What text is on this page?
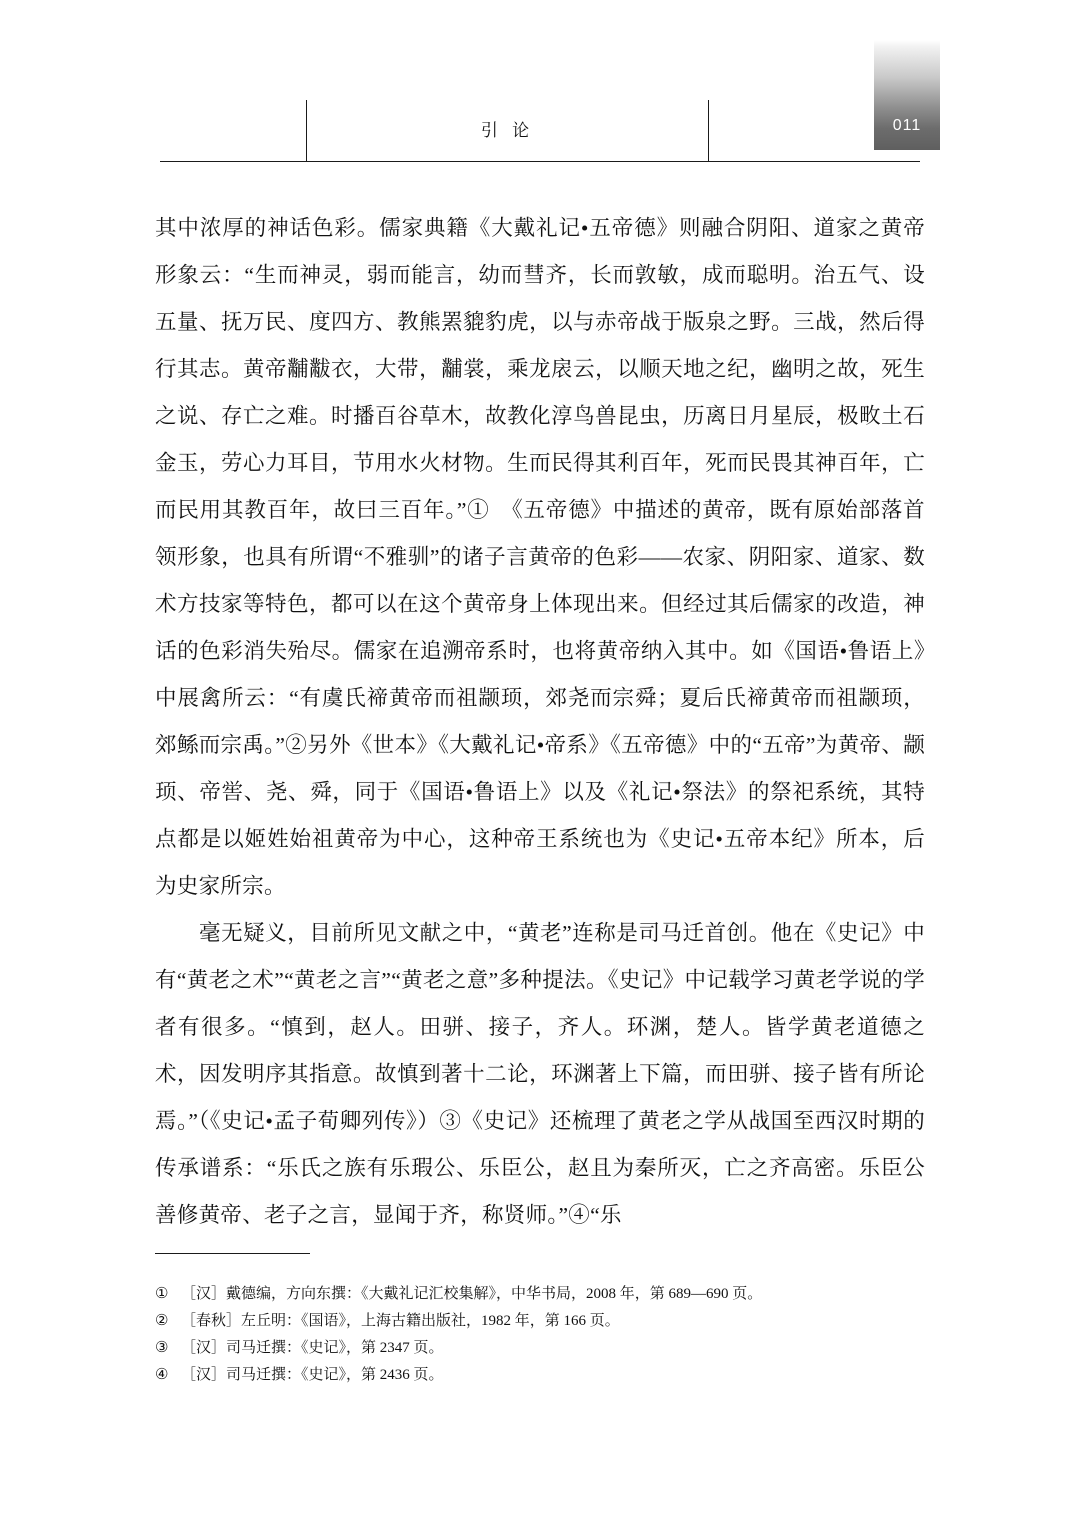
引 论	011

其中浓厚的神话色彩。儒家典籍《大戴礼记•五帝德》则融合阴阳、道家之黄帝形象云：“生而神灵，弱而能言，幼而彗齐，长而敦敏，成而聪明。治五气、设五量、抚万民、度四方、教熊罴貔豹虎，以与赤帝战于版泉之野。三战，然后得行其志。黄帝黼黻衣，大带，黼裳，乘龙扆云，以顺天地之纪，幽明之故，死生之说、存亡之难。时播百谷草木，故教化淳鸟兽昆虫，历离日月星辰，极畋土石金玉，劳心力耳目，节用水火材物。生而民得其利百年，死而民畏其神百年，亡而民用其教百年，故曰三百年。”①　《五帝德》中描述的黄帝，既有原始部落首领形象，也具有所谓“不雅驯”的诸子言黄帝的色彩——农家、阴阳家、道家、数术方技家等特色，都可以在这个黄帝身上体现出来。但经过其后儒家的改造，神话的色彩消失殆尽。儒家在追溯帝系时，也将黄帝纳入其中。如《国语•鲁语上》中展禽所云：“有虞氏禘黄帝而祖颛顼，郊尧而宗舜；夏后氏禘黄帝而祖颛顼，郊鲧而宗禹。”②另外《世本》《大戴礼记•帝系》《五帝德》中的“五帝”为黄帝、颛顼、帝喾、尧、舜，同于《国语•鲁语上》以及《礼记•祭法》的祭祀系统，其特点都是以姬姓始祖黄帝为中心，这种帝王系统也为《史记•五帝本纪》所本，后为史家所宗。

毫无疑义，目前所见文献之中，“黄老”连称是司马迁首创。他在《史记》中有“黄老之术”“黄老之言”“黄老之意”多种提法。《史记》中记载学习黄老学说的学者有很多。“慎到，赵人。田骈、接子，齐人。环渊，楚人。皆学黄老道德之术，因发明序其指意。故慎到著十二论，环渊著上下篇，而田骈、接子皆有所论焉。”（《史记•孟子荀卿列传》）③《史记》还梳理了黄老之学从战国至西汉时期的传承谱系：“乐氏之族有乐瑕公、乐臣公，赵且为秦所灭，亡之齐高密。乐臣公善修黄帝、老子之言，显闻于齐，称贤师。”④“乐

① ［汉］戴德编，方向东撰：《大戴礼记汇校集解》，中华书局，2008 年，第 689—690 页。
② ［春秋］左丘明：《国语》，上海古籍出版社，1982 年，第 166 页。
③ ［汉］司马迁撰：《史记》，第 2347 页。
④ ［汉］司马迁撰：《史记》，第 2436 页。
